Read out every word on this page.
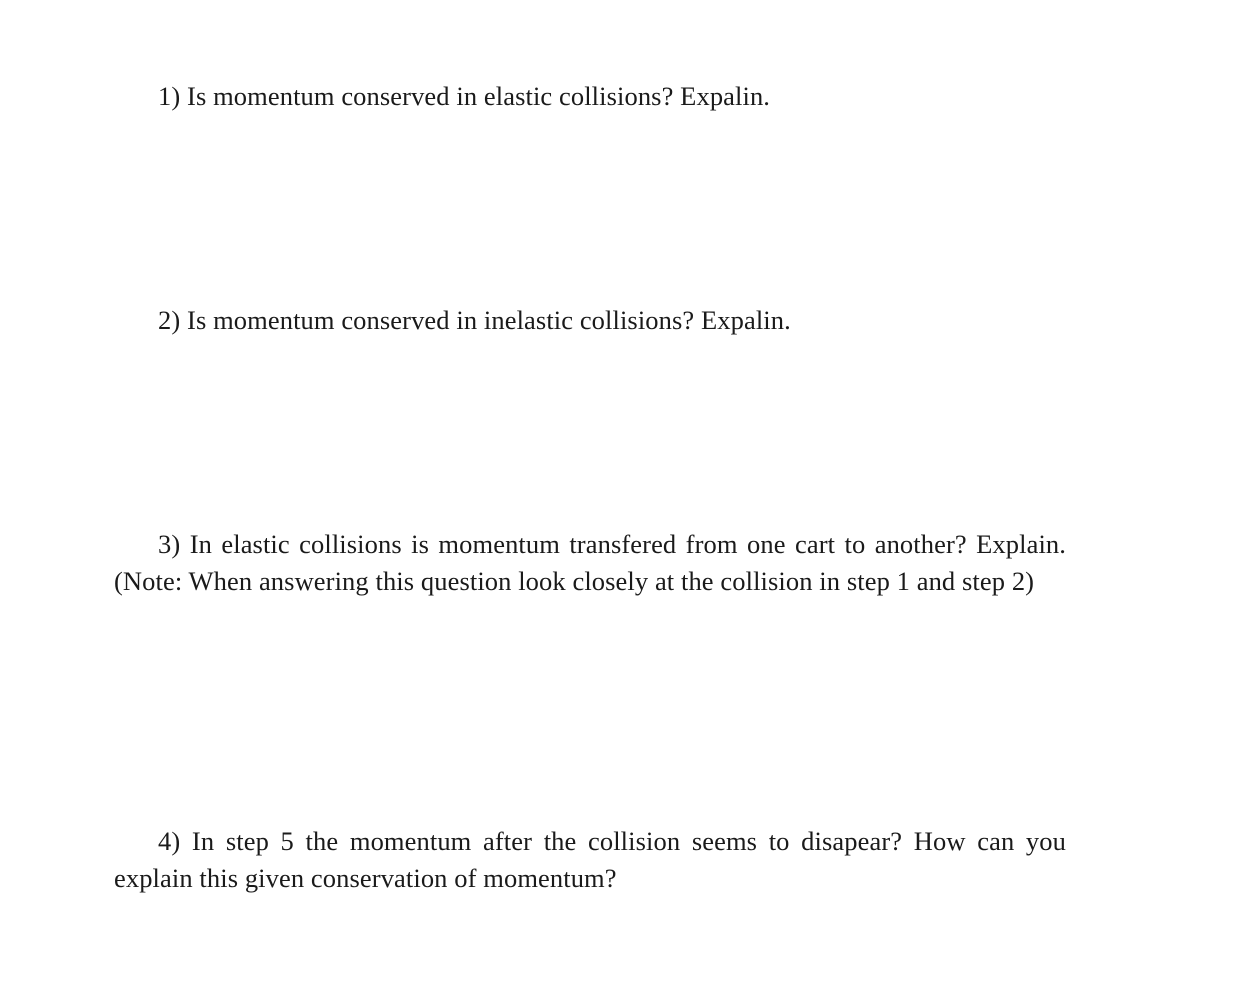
1) Is momentum conserved in elastic collisions? Expalin.

2) Is momentum conserved in inelastic collisions? Expalin.

3) In elastic collisions is momentum transfered from one cart to another? Explain. (Note: When answering this question look closely at the collision in step 1 and step 2)

4) In step 5 the momentum after the collision seems to disapear? How can you explain this given conservation of momentum?
